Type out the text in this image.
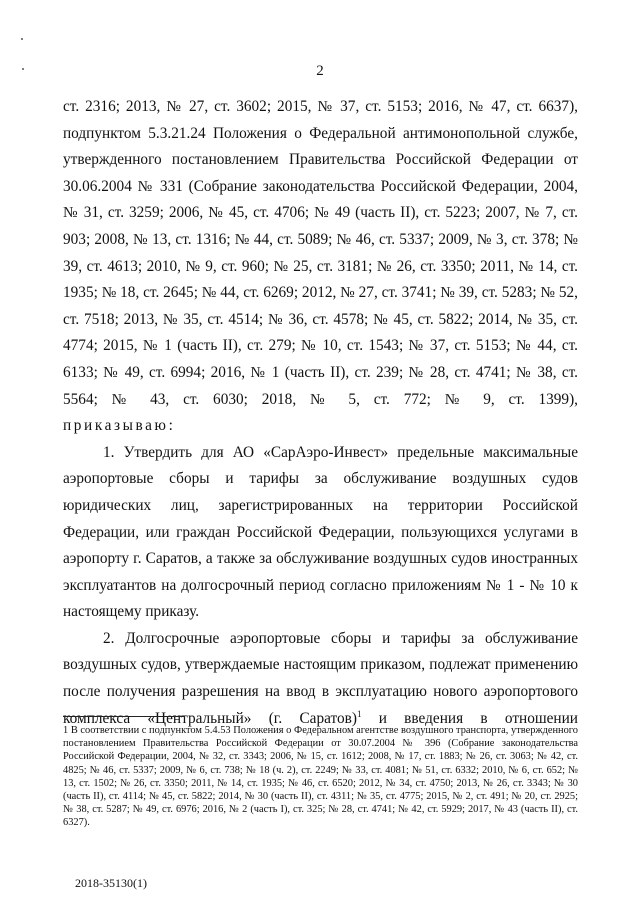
2

ст. 2316; 2013, № 27, ст. 3602; 2015, № 37, ст. 5153; 2016, № 47, ст. 6637), подпунктом 5.3.21.24 Положения о Федеральной антимонопольной службе, утвержденного постановлением Правительства Российской Федерации от 30.06.2004 № 331 (Собрание законодательства Российской Федерации, 2004, № 31, ст. 3259; 2006, № 45, ст. 4706; № 49 (часть II), ст. 5223; 2007, № 7, ст. 903; 2008, № 13, ст. 1316; № 44, ст. 5089; № 46, ст. 5337; 2009, № 3, ст. 378; № 39, ст. 4613; 2010, № 9, ст. 960; № 25, ст. 3181; № 26, ст. 3350; 2011, № 14, ст. 1935; № 18, ст. 2645; № 44, ст. 6269; 2012, № 27, ст. 3741; № 39, ст. 5283; № 52, ст. 7518; 2013, № 35, ст. 4514; № 36, ст. 4578; № 45, ст. 5822; 2014, № 35, ст. 4774; 2015, № 1 (часть II), ст. 279; № 10, ст. 1543; № 37, ст. 5153; № 44, ст. 6133; № 49, ст. 6994; 2016, № 1 (часть II), ст. 239; № 28, ст. 4741; № 38, ст. 5564; № 43, ст. 6030; 2018, № 5, ст. 772; № 9, ст. 1399),

приказываю:

1. Утвердить для АО «СарАэро-Инвест» предельные максимальные аэропортовые сборы и тарифы за обслуживание воздушных судов юридических лиц, зарегистрированных на территории Российской Федерации, или граждан Российской Федерации, пользующихся услугами в аэропорту г. Саратов, а также за обслуживание воздушных судов иностранных эксплуатантов на долгосрочный период согласно приложениям № 1 - № 10 к настоящему приказу.

2. Долгосрочные аэропортовые сборы и тарифы за обслуживание воздушных судов, утверждаемые настоящим приказом, подлежат применению после получения разрешения на ввод в эксплуатацию нового аэропортового комплекса «Центральный» (г. Саратов)$^1$ и введения в отношении

1 В соответствии с подпунктом 5.4.53 Положения о Федеральном агентстве воздушного транспорта, утвержденного постановлением Правительства Российской Федерации от 30.07.2004 № 396 (Собрание законодательства Российской Федерации, 2004, № 32, ст. 3343; 2006, № 15, ст. 1612; 2008, № 17, ст. 1883; № 26, ст. 3063; № 42, ст. 4825; № 46, ст. 5337; 2009, № 6, ст. 738; № 18 (ч. 2), ст. 2249; № 33, ст. 4081; № 51, ст. 6332; 2010, № 6, ст. 652; № 13, ст. 1502; № 26, ст. 3350; 2011, № 14, ст. 1935; № 46, ст. 6520; 2012, № 34, ст. 4750; 2013, № 26, ст. 3343; № 30 (часть II), ст. 4114; № 45, ст. 5822; 2014, № 30 (часть II), ст. 4311; № 35, ст. 4775; 2015, № 2, ст. 491; № 20, ст. 2925; № 38, ст. 5287; № 49, ст. 6976; 2016, № 2 (часть I), ст. 325; № 28, ст. 4741; № 42, ст. 5929; 2017, № 43 (часть II), ст. 6327).
2018-35130(1)
